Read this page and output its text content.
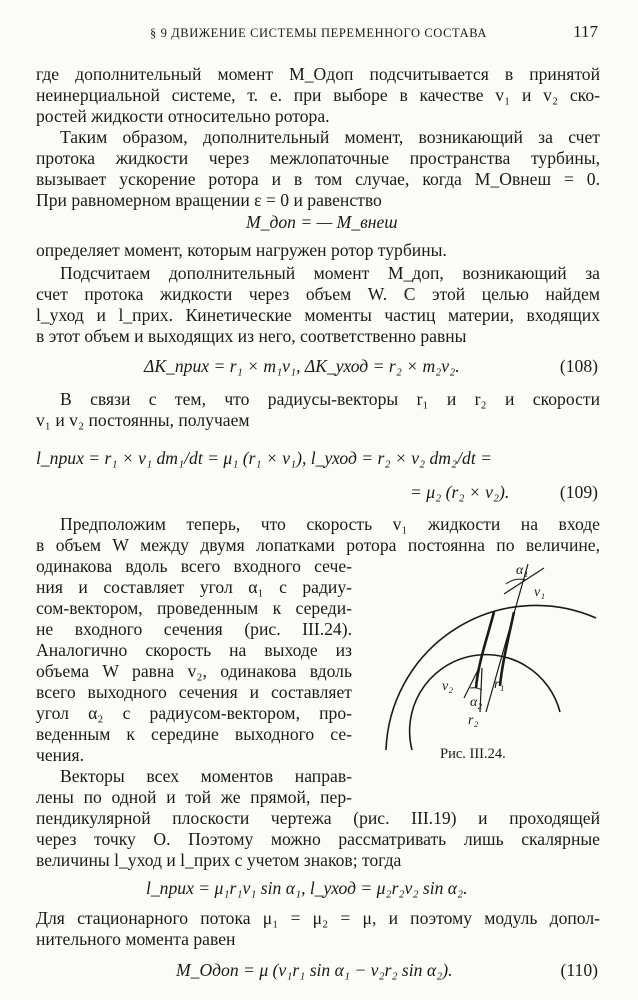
§ 9 ДВИЖЕНИЕ СИСТЕМЫ ПЕРЕМЕННОГО СОСТАВА	117
где дополнительный момент M_Oдоп подсчитывается в принятой
неинерциальной системе, т. е. при выборе в качестве v₁ и v₂ ско-
ростей жидкости относительно ротора.
Таким образом, дополнительный момент, возникающий за счет
протока жидкости через межлопаточные пространства турбины,
вызывает ускорение ротора и в том случае, когда M_Oвнеш = 0.
При равномерном вращении ε = 0 и равенство
M_доп = — M_внеш
определяет момент, которым нагружен ротор турбины.
Подсчитаем дополнительный момент M_доп, возникающий за
счет протока жидкости через объем W. С этой целью найдем
l_уход и l_прих. Кинетические моменты частиц материи, входящих
в этот объем и выходящих из него, соответственно равны
ΔK_прих = r₁ × m₁v₁, ΔK_уход = r₂ × m₂v₂.	(108)
В связи с тем, что радиусы-векторы r₁ и r₂ и скорости
v₁ и v₂ постоянны, получаем
l_прих = r₁ × v₁ dm₁/dt = μ₁ (r₁ × v₁), l_уход = r₂ × v₂ dm₂/dt =
= μ₂ (r₂ × v₂).	(109)
Предположим теперь, что скорость v₁ жидкости на входе
в объем W между двумя лопатками ротора постоянна по величине,
одинакова вдоль всего входного сече-
ния и составляет угол α₁ с радиу-
сом-вектором, проведенным к середи-
не входного сечения (рис. III.24).
Аналогично скорость на выходе из
объема W равна v₂, одинакова вдоль
всего выходного сечения и составляет
угол α₂ с радиусом-вектором, про-
веденным к середине выходного се-
чения.
Векторы всех моментов направ-
лены по одной и той же прямой, пер-
пендикулярной плоскости чертежа (рис. III.19) и проходящей
через точку O. Поэтому можно рассматривать лишь скалярные
величины l_уход и l_прих с учетом знаков; тогда
l_прих = μ₁r₁v₁ sin α₁, l_уход = μ₂r₂v₂ sin α₂.
Для стационарного потока μ₁ = μ₂ = μ, и поэтому модуль допол-
нительного момента равен
M_Oдоп = μ (v₁r₁ sin α₁ − v₂r₂ sin α₂).	(110)
α₁
v₁
v₂
α₂
r₁
r₂
Рис. III.24.
